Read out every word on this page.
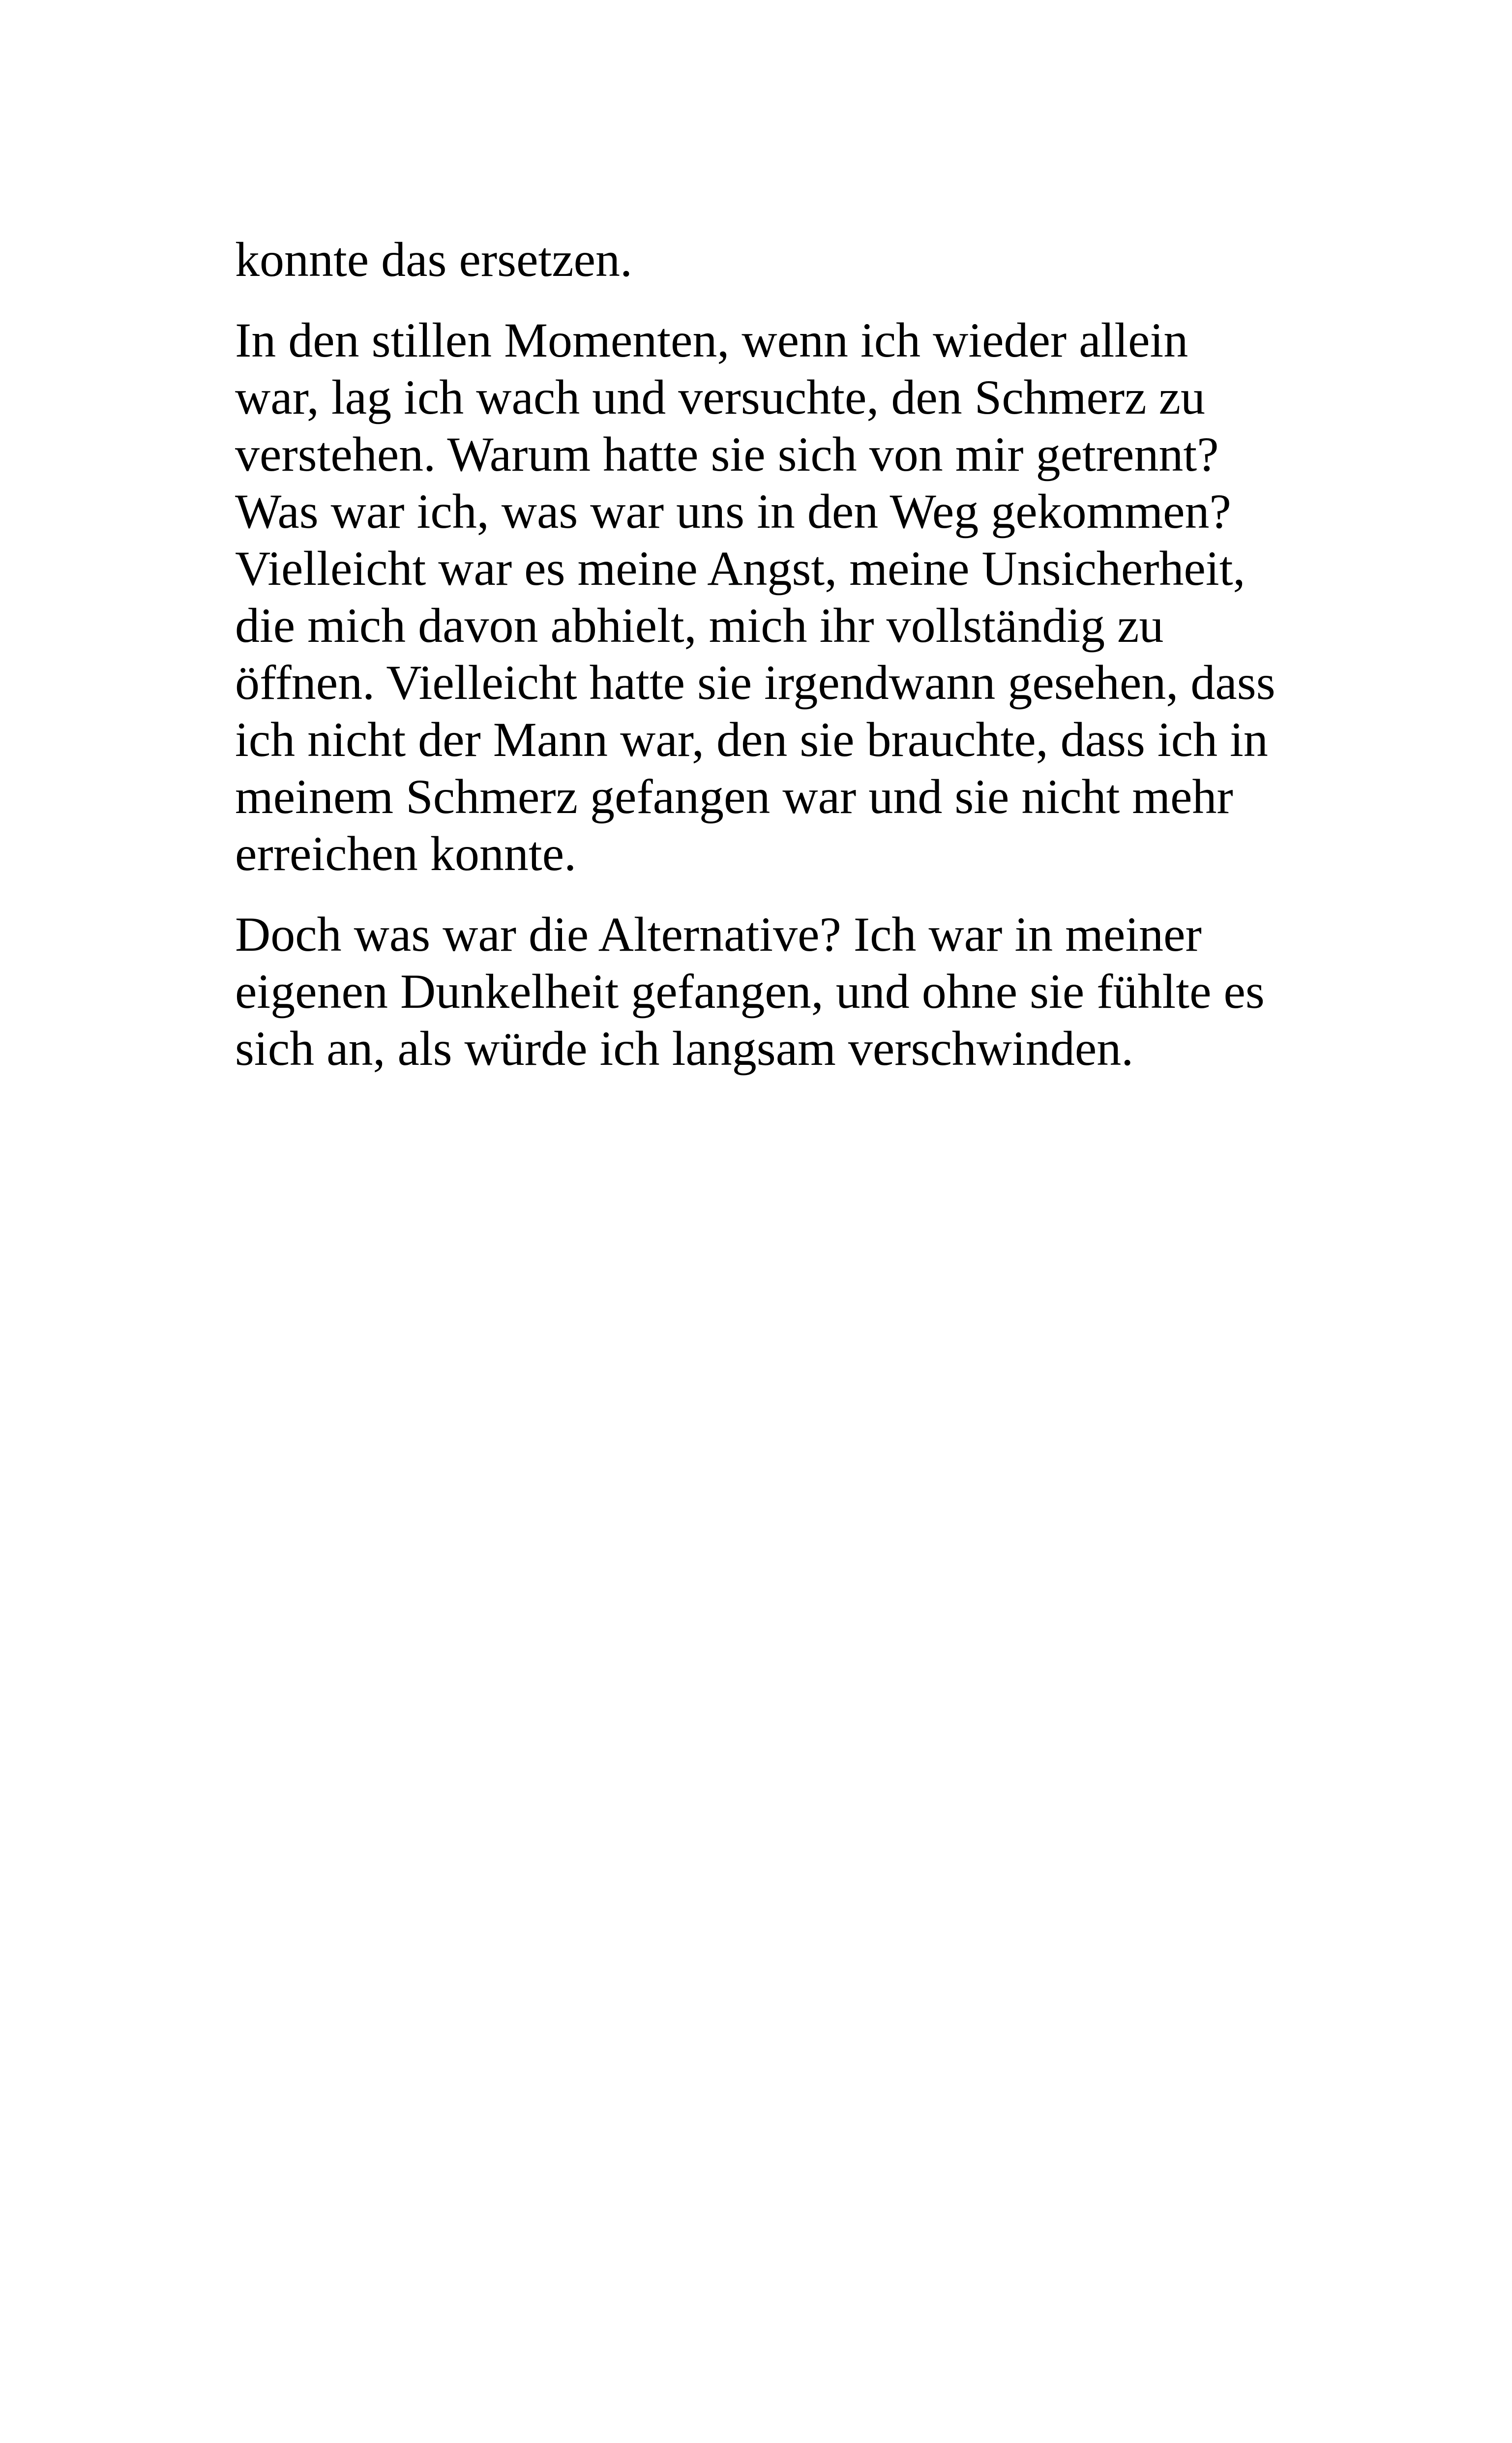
konnte das ersetzen.
In den stillen Momenten, wenn ich wieder allein
war, lag ich wach und versuchte, den Schmerz zu
verstehen. Warum hatte sie sich von mir getrennt?
Was war ich, was war uns in den Weg gekommen?
Vielleicht war es meine Angst, meine Unsicherheit,
die mich davon abhielt, mich ihr vollständig zu
öffnen. Vielleicht hatte sie irgendwann gesehen, dass
ich nicht der Mann war, den sie brauchte, dass ich in
meinem Schmerz gefangen war und sie nicht mehr
erreichen konnte.
Doch was war die Alternative? Ich war in meiner
eigenen Dunkelheit gefangen, und ohne sie fühlte es
sich an, als würde ich langsam verschwinden.
